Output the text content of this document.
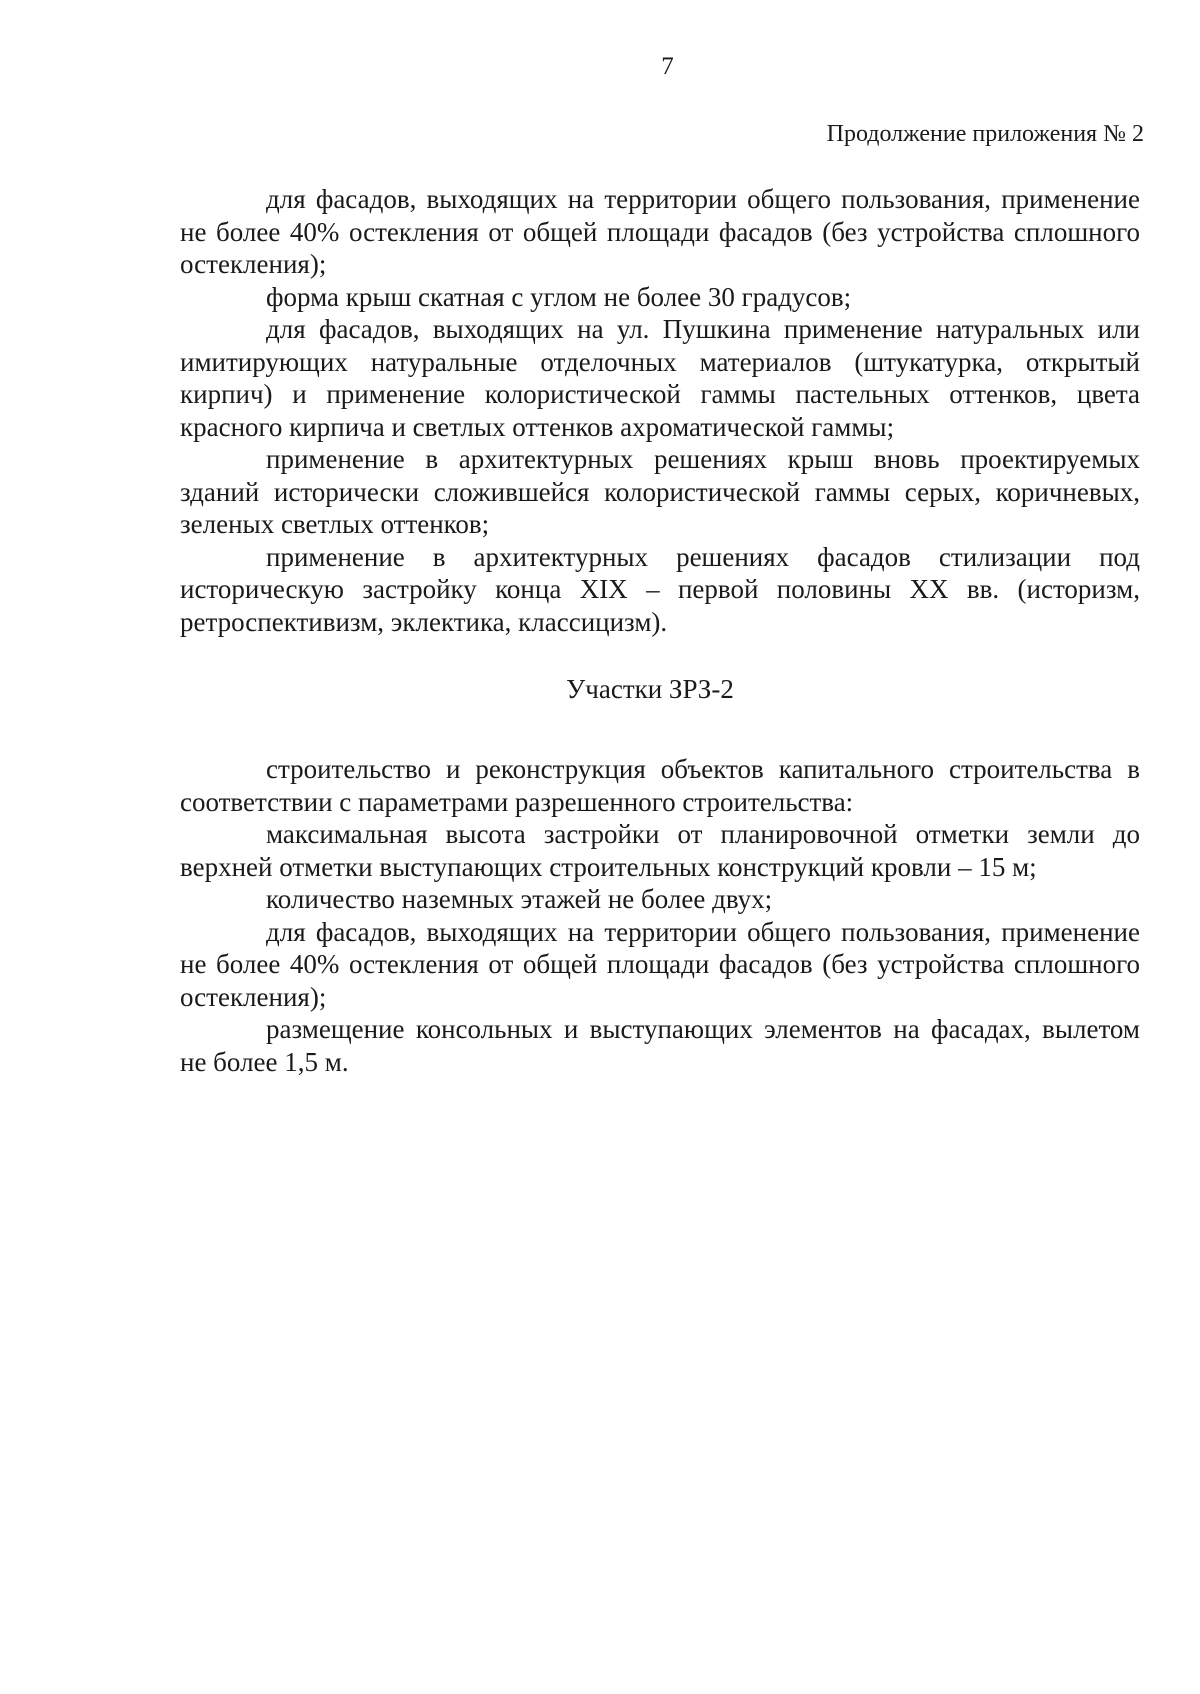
7
Продолжение приложения № 2

для фасадов, выходящих на территории общего пользования, применение не более 40% остекления от общей площади фасадов (без устройства сплошного остекления);

форма крыш скатная с углом не более 30 градусов;

для фасадов, выходящих на ул. Пушкина применение натуральных или имитирующих натуральные отделочных материалов (штукатурка, открытый кирпич) и применение колористической гаммы пастельных оттенков, цвета красного кирпича и светлых оттенков ахроматической гаммы;

применение в архитектурных решениях крыш вновь проектируемых зданий исторически сложившейся колористической гаммы серых, коричневых, зеленых светлых оттенков;

применение в архитектурных решениях фасадов стилизации под историческую застройку конца XIX – первой половины XX вв. (историзм, ретроспективизм, эклектика, классицизм).

Участки ЗРЗ-2

строительство и реконструкция объектов капитального строительства в соответствии с параметрами разрешенного строительства:

максимальная высота застройки от планировочной отметки земли до верхней отметки выступающих строительных конструкций кровли – 15 м;

количество наземных этажей не более двух;

для фасадов, выходящих на территории общего пользования, применение не более 40% остекления от общей площади фасадов (без устройства сплошного остекления);

размещение консольных и выступающих элементов на фасадах, вылетом не более 1,5 м.
